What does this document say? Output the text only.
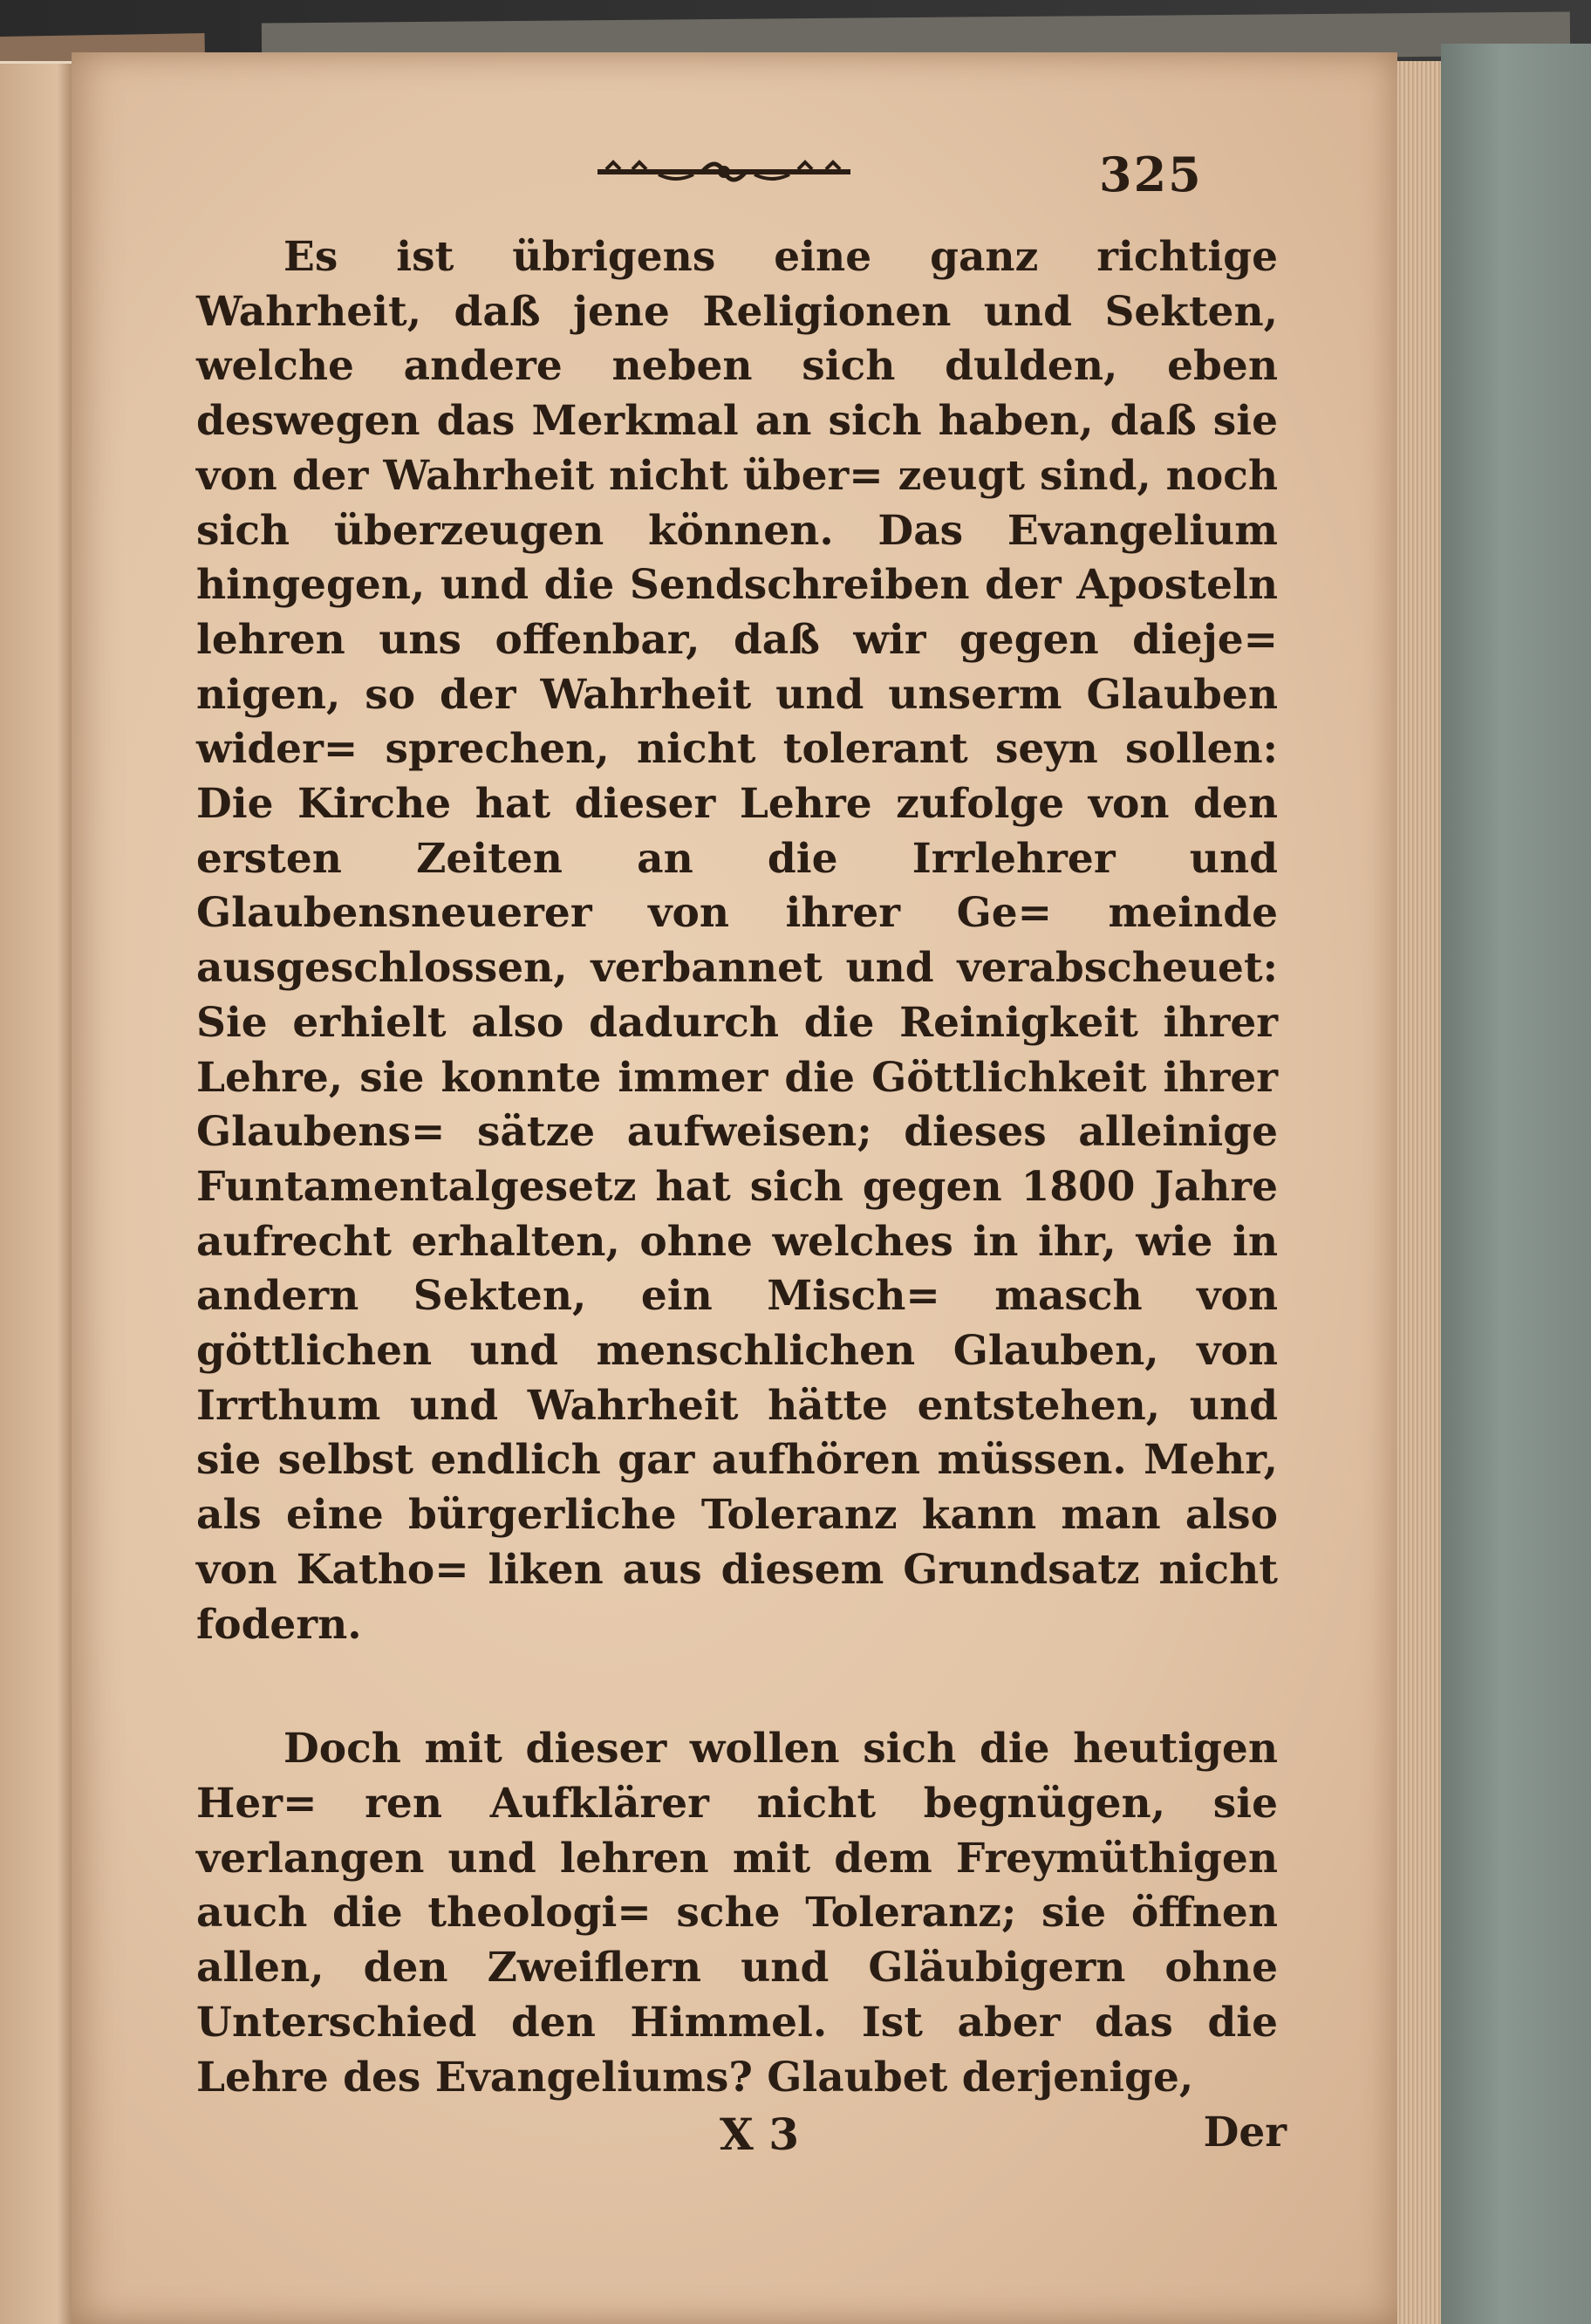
325

Es ist übrigens eine ganz richtige Wahrheit, daß jene Religionen und Sekten, welche andere neben sich dulden, eben deswegen das Merkmal an sich haben, daß sie von der Wahrheit nicht über= zeugt sind, noch sich überzeugen können. Das Evangelium hingegen, und die Sendschreiben der Aposteln lehren uns offenbar, daß wir gegen dieje= nigen, so der Wahrheit und unserm Glauben wider= sprechen, nicht tolerant seyn sollen: Die Kirche hat dieser Lehre zufolge von den ersten Zeiten an die Irrlehrer und Glaubensneuerer von ihrer Ge= meinde ausgeschlossen, verbannet und verabscheuet: Sie erhielt also dadurch die Reinigkeit ihrer Lehre, sie konnte immer die Göttlichkeit ihrer Glaubens= sätze aufweisen; dieses alleinige Funtamentalgesetz hat sich gegen 1800 Jahre aufrecht erhalten, ohne welches in ihr, wie in andern Sekten, ein Misch= masch von göttlichen und menschlichen Glauben, von Irrthum und Wahrheit hätte entstehen, und sie selbst endlich gar aufhören müssen. Mehr, als eine bürgerliche Toleranz kann man also von Katho= liken aus diesem Grundsatz nicht fodern.

Doch mit dieser wollen sich die heutigen Her= ren Aufklärer nicht begnügen, sie verlangen und lehren mit dem Freymüthigen auch die theologi= sche Toleranz; sie öffnen allen, den Zweiflern und Gläubigern ohne Unterschied den Himmel. Ist aber das die Lehre des Evangeliums? Glaubet derjenige,

X 3	Der
